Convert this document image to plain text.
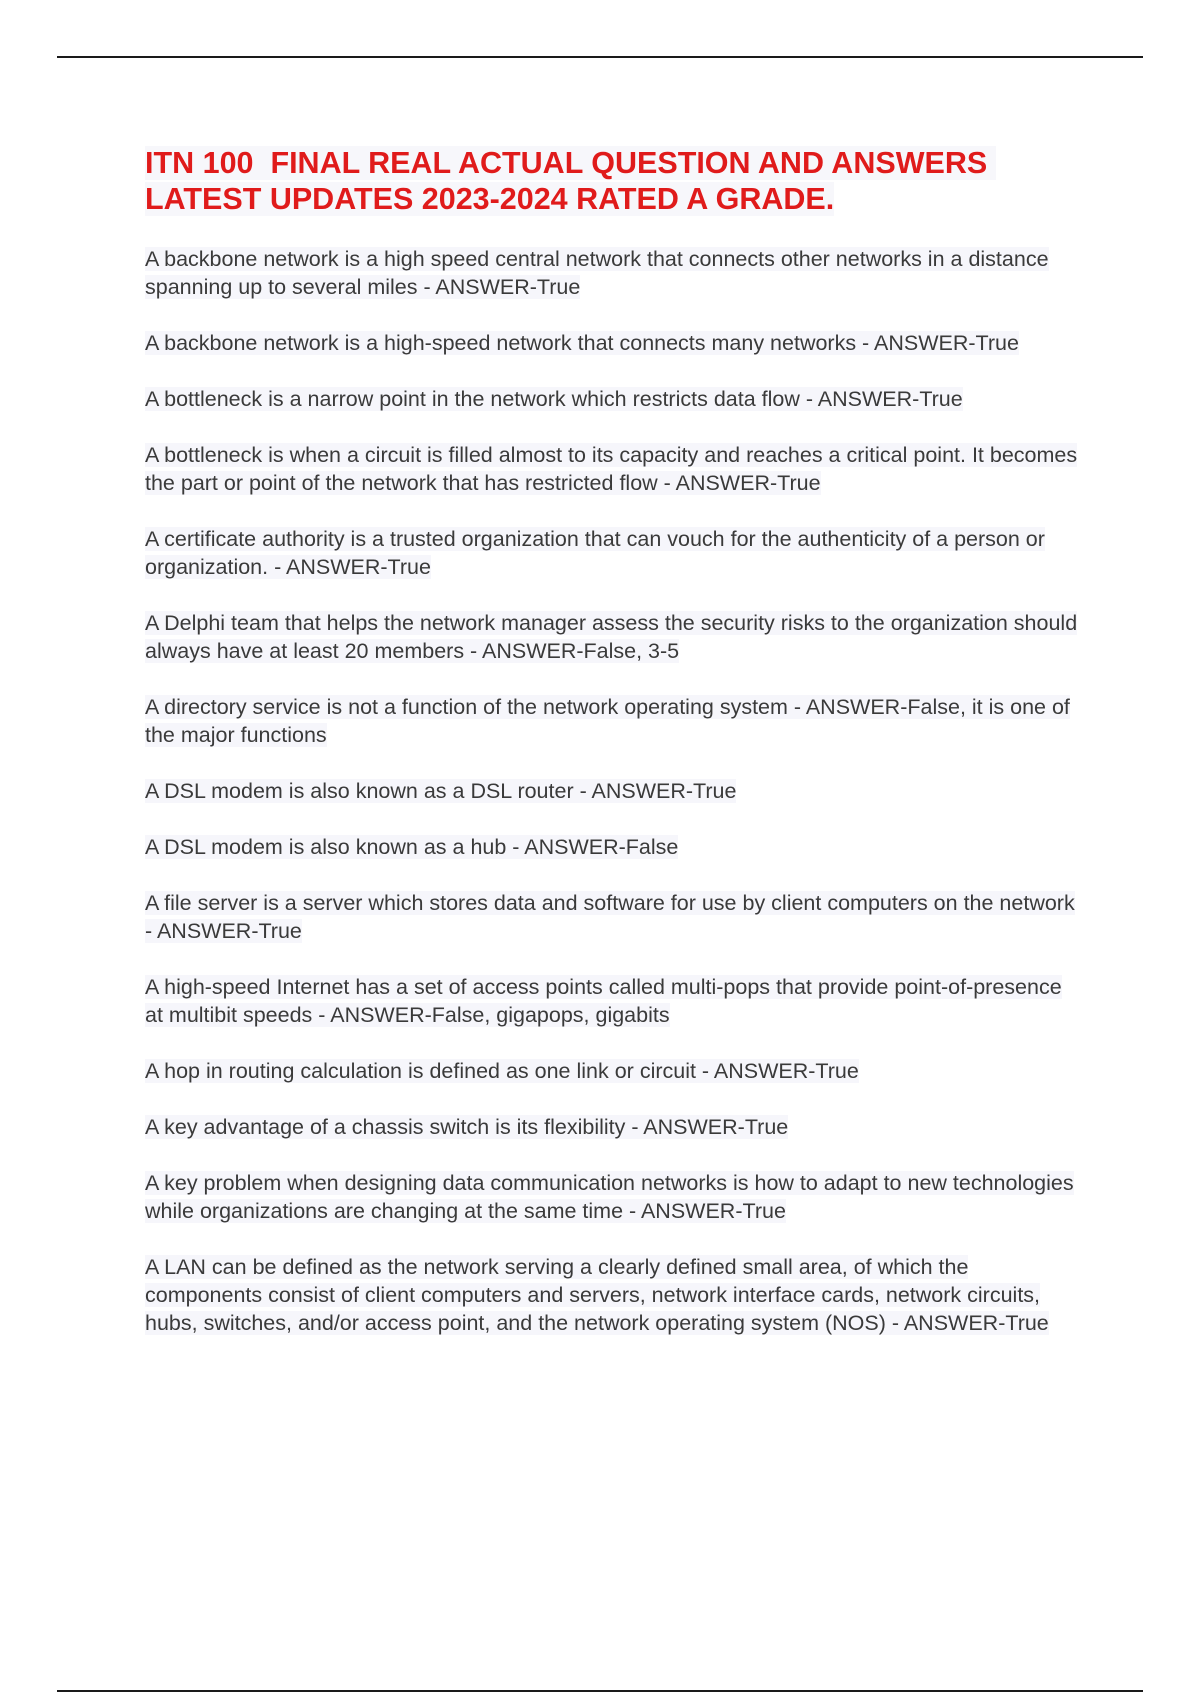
ITN 100  FINAL REAL ACTUAL QUESTION AND ANSWERS LATEST UPDATES 2023-2024 RATED A GRADE.
A backbone network is a high speed central network that connects other networks in a distance spanning up to several miles - ANSWER-True
A backbone network is a high-speed network that connects many networks - ANSWER-True
A bottleneck is a narrow point in the network which restricts data flow - ANSWER-True
A bottleneck is when a circuit is filled almost to its capacity and reaches a critical point. It becomes the part or point of the network that has restricted flow - ANSWER-True
A certificate authority is a trusted organization that can vouch for the authenticity of a person or organization. - ANSWER-True
A Delphi team that helps the network manager assess the security risks to the organization should always have at least 20 members - ANSWER-False, 3-5
A directory service is not a function of the network operating system - ANSWER-False, it is one of the major functions
A DSL modem is also known as a DSL router - ANSWER-True
A DSL modem is also known as a hub - ANSWER-False
A file server is a server which stores data and software for use by client computers on the network - ANSWER-True
A high-speed Internet has a set of access points called multi-pops that provide point-of-presence at multibit speeds - ANSWER-False, gigapops, gigabits
A hop in routing calculation is defined as one link or circuit - ANSWER-True
A key advantage of a chassis switch is its flexibility - ANSWER-True
A key problem when designing data communication networks is how to adapt to new technologies while organizations are changing at the same time - ANSWER-True
A LAN can be defined as the network serving a clearly defined small area, of which the components consist of client computers and servers, network interface cards, network circuits, hubs, switches, and/or access point, and the network operating system (NOS) - ANSWER-True
